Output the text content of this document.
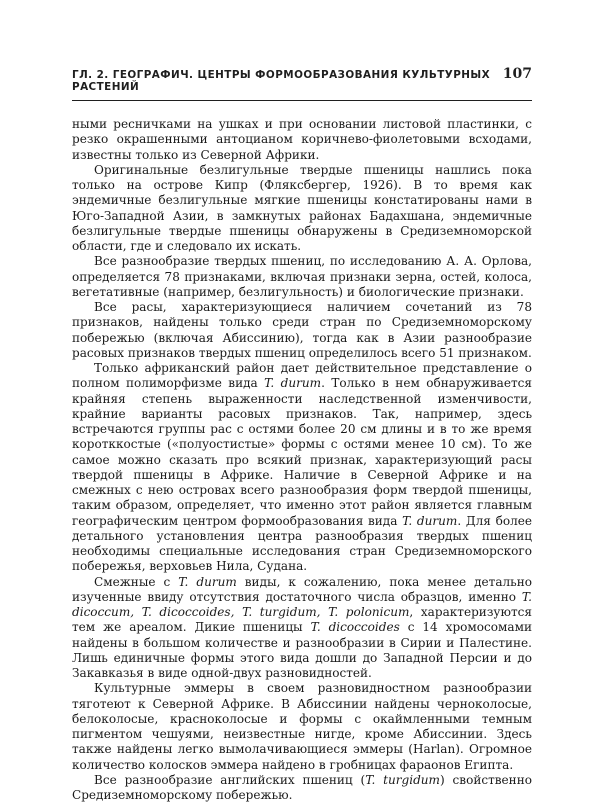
ГЛ. 2. ГЕОГРАФИЧ. ЦЕНТРЫ ФОРМООБРАЗОВАНИЯ КУЛЬТУРНЫХ РАСТЕНИЙ
107

ными ресничками на ушках и при основании листовой пластинки, с резко окрашенными антоцианом коричнево-фиолетовыми всходами, известны только из Северной Африки.

Оригинальные безлигульные твердые пшеницы нашлись пока только на острове Кипр (Фляксбергер, 1926). В то время как эндемичные безлигульные мягкие пшеницы констатированы нами в Юго-Западной Азии, в замкнутых районах Бадахшана, эндемичные безлигульные твердые пшеницы обнаружены в Средиземноморской области, где и следовало их искать.

Все разнообразие твердых пшениц, по исследованию А. А. Орлова, определяется 78 признаками, включая признаки зерна, остей, колоса, вегетативные (например, безлигульность) и биологические признаки.

Все расы, характеризующиеся наличием сочетаний из 78 признаков, найдены только среди стран по Средиземноморскому побережью (включая Абиссинию), тогда как в Азии разнообразие расовых признаков твердых пшениц определилось всего 51 признаком.

Только африканский район дает действительное представление о полном полиморфизме вида T. durum. Только в нем обнаруживается крайняя степень выраженности наследственной изменчивости, крайние варианты расовых признаков. Так, например, здесь встречаются группы рас с остями более 20 см длины и в то же время коротккостые («полуостистые» формы с остями менее 10 см). То же самое можно сказать про всякий признак, характеризующий расы твердой пшеницы в Африке. Наличие в Северной Африке и на смежных с нею островах всего разнообразия форм твердой пшеницы, таким образом, определяет, что именно этот район является главным географическим центром формообразования вида T. durum. Для более детального установления центра разнообразия твердых пшениц необходимы специальные исследования стран Средиземноморского побережья, верховьев Нила, Судана.

Смежные с T. durum виды, к сожалению, пока менее детально изученные ввиду отсутствия достаточного числа образцов, именно T. dicoccum, T. dicoccoides, T. turgidum, T. polonicum, характеризуются тем же ареалом. Дикие пшеницы T. dicoccoides с 14 хромосомами найдены в большом количестве и разнообразии в Сирии и Палестине. Лишь единичные формы этого вида дошли до Западной Персии и до Закавказья в виде одной-двух разновидностей.

Культурные эммеры в своем разновидностном разнообразии тяготеют к Северной Африке. В Абиссинии найдены чернокoлосые, белоколосые, краснокoлосые и формы с окаймленными темным пигментом чешуями, неизвестные нигде, кроме Абиссинии. Здесь также найдены легко вымолачивающиеся эммеры (Harlan). Огромное количество колосков эммера найдено в гробницах фараонов Египта.

Все разнообразие английских пшениц (T. turgidum) свойственно Средиземноморскому побережью.
